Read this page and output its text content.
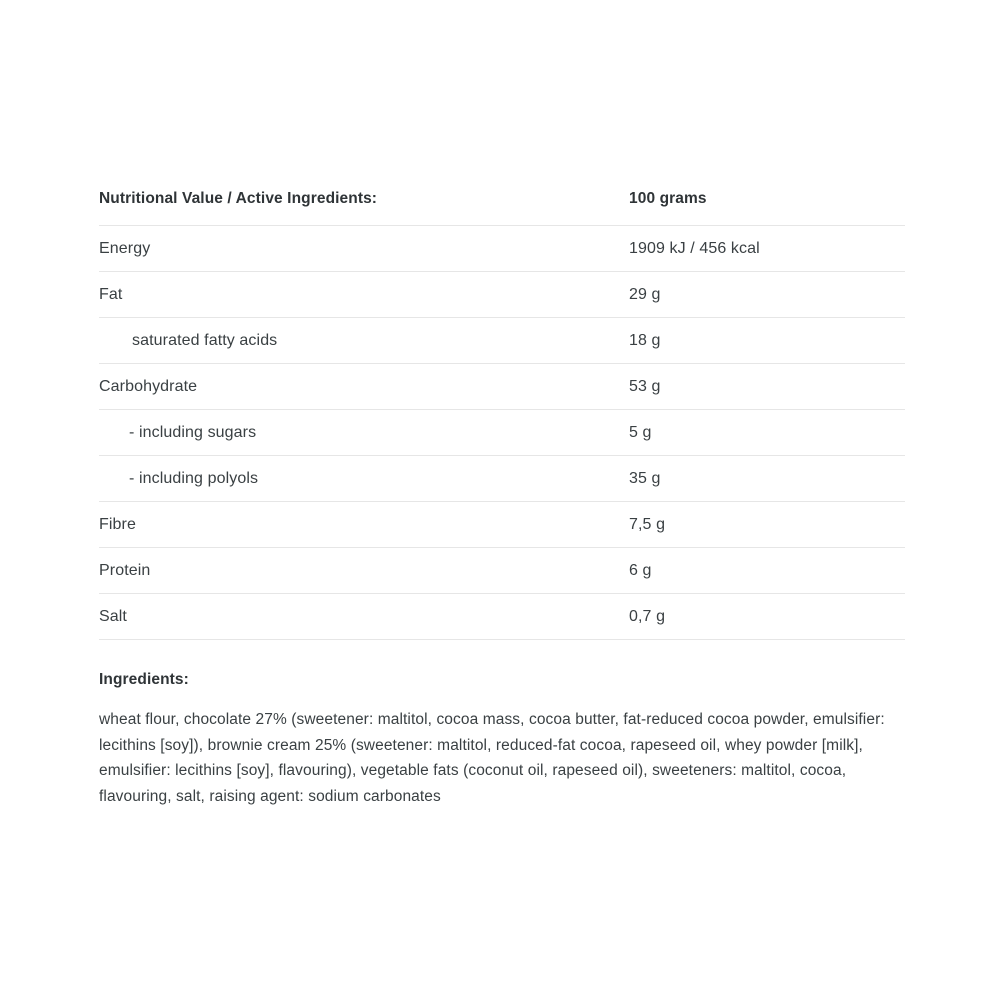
Nutritional Value / Active Ingredients:	100 grams
Energy	1909 kJ / 456 kcal
Fat	29 g
saturated fatty acids	18 g
Carbohydrate	53 g
- including sugars	5 g
- including polyols	35 g
Fibre	7,5 g
Protein	6 g
Salt	0,7 g

Ingredients:

wheat flour, chocolate 27% (sweetener: maltitol, cocoa mass, cocoa butter, fat-reduced cocoa powder, emulsifier: lecithins [soy]), brownie cream 25% (sweetener: maltitol, reduced-fat cocoa, rapeseed oil, whey powder [milk], emulsifier: lecithins [soy], flavouring), vegetable fats (coconut oil, rapeseed oil), sweeteners: maltitol, cocoa, flavouring, salt, raising agent: sodium carbonates
